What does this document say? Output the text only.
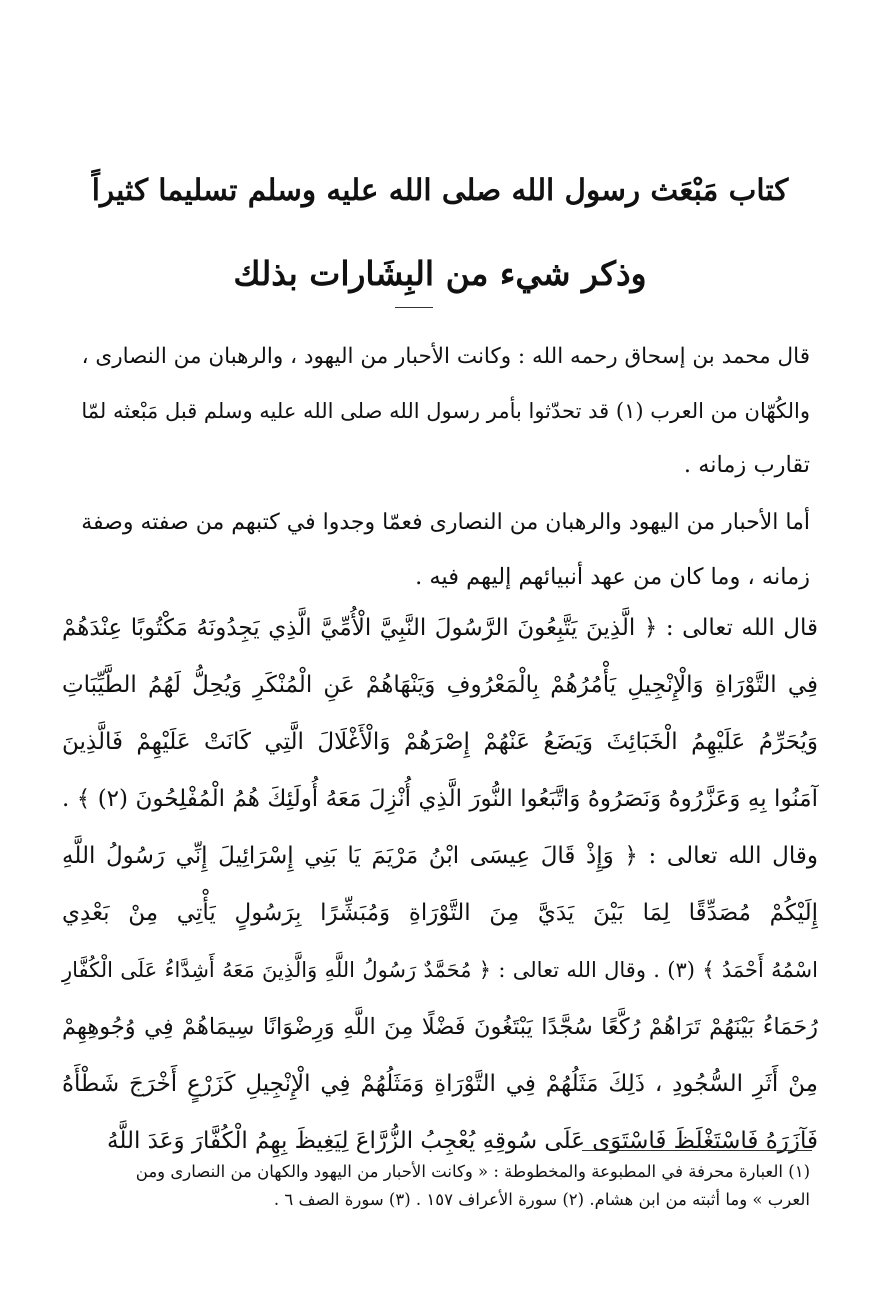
كتاب مَبْعَث رسول الله صلى الله عليه وسلم تسليما كثيراً
وذكر شيء من البِشَارات بذلك
قال محمد بن إسحاق رحمه الله : وكانت الأحبار من اليهود ، والرهبان من النصارى ،
والكُهّان من العرب (١) قد تحدّثوا بأمر رسول الله صلى الله عليه وسلم قبل مَبْعثه لمّا
تقارب زمانه .
أما الأحبار من اليهود والرهبان من النصارى فعمّا وجدوا في كتبهم من صفته وصفة
زمانه ، وما كان من عهد أنبيائهم إليهم فيه .
قال الله تعالى : ﴿ الَّذِينَ يَتَّبِعُونَ الرَّسُولَ النَّبِيَّ الْأُمِّيَّ الَّذِي يَجِدُونَهُ مَكْتُوبًا عِنْدَهُمْ
فِي التَّوْرَاةِ وَالْإِنْجِيلِ يَأْمُرُهُمْ بِالْمَعْرُوفِ وَيَنْهَاهُمْ عَنِ الْمُنْكَرِ وَيُحِلُّ لَهُمُ الطَّيِّبَاتِ
وَيُحَرِّمُ عَلَيْهِمُ الْخَبَائِثَ وَيَضَعُ عَنْهُمْ إِصْرَهُمْ وَالْأَغْلَالَ الَّتِي كَانَتْ عَلَيْهِمْ فَالَّذِينَ
آمَنُوا بِهِ وَعَزَّرُوهُ وَنَصَرُوهُ وَاتَّبَعُوا النُّورَ الَّذِي أُنْزِلَ مَعَهُ أُولَئِكَ هُمُ الْمُفْلِحُونَ (٢) ﴾ .
وقال الله تعالى : ﴿ وَإِذْ قَالَ عِيسَى ابْنُ مَرْيَمَ يَا بَنِي إِسْرَائِيلَ إِنِّي رَسُولُ اللَّهِ
إِلَيْكُمْ مُصَدِّقًا لِمَا بَيْنَ يَدَيَّ مِنَ التَّوْرَاةِ وَمُبَشِّرًا بِرَسُولٍ يَأْتِي مِنْ بَعْدِي
اسْمُهُ أَحْمَدُ ﴾ (٣) . وقال الله تعالى : ﴿ مُحَمَّدٌ رَسُولُ اللَّهِ وَالَّذِينَ مَعَهُ أَشِدَّاءُ عَلَى الْكُفَّارِ
رُحَمَاءُ بَيْنَهُمْ تَرَاهُمْ رُكَّعًا سُجَّدًا يَبْتَغُونَ فَضْلًا مِنَ اللَّهِ وَرِضْوَانًا سِيمَاهُمْ فِي وُجُوهِهِمْ
مِنْ أَثَرِ السُّجُودِ ، ذَلِكَ مَثَلُهُمْ فِي التَّوْرَاةِ وَمَثَلُهُمْ فِي الْإِنْجِيلِ كَزَرْعٍ أَخْرَجَ شَطْأَهُ
فَآزَرَهُ فَاسْتَغْلَظَ فَاسْتَوَى عَلَى سُوقِهِ يُعْجِبُ الزُّرَّاعَ لِيَغِيظَ بِهِمُ الْكُفَّارَ وَعَدَ اللَّهُ
(١) العبارة محرفة في المطبوعة والمخطوطة : « وكانت الأحبار من اليهود والكهان من النصارى ومن
العرب » وما أثبته من ابن هشام. (٢) سورة الأعراف ١٥٧ . (٣) سورة الصف ٦ .
